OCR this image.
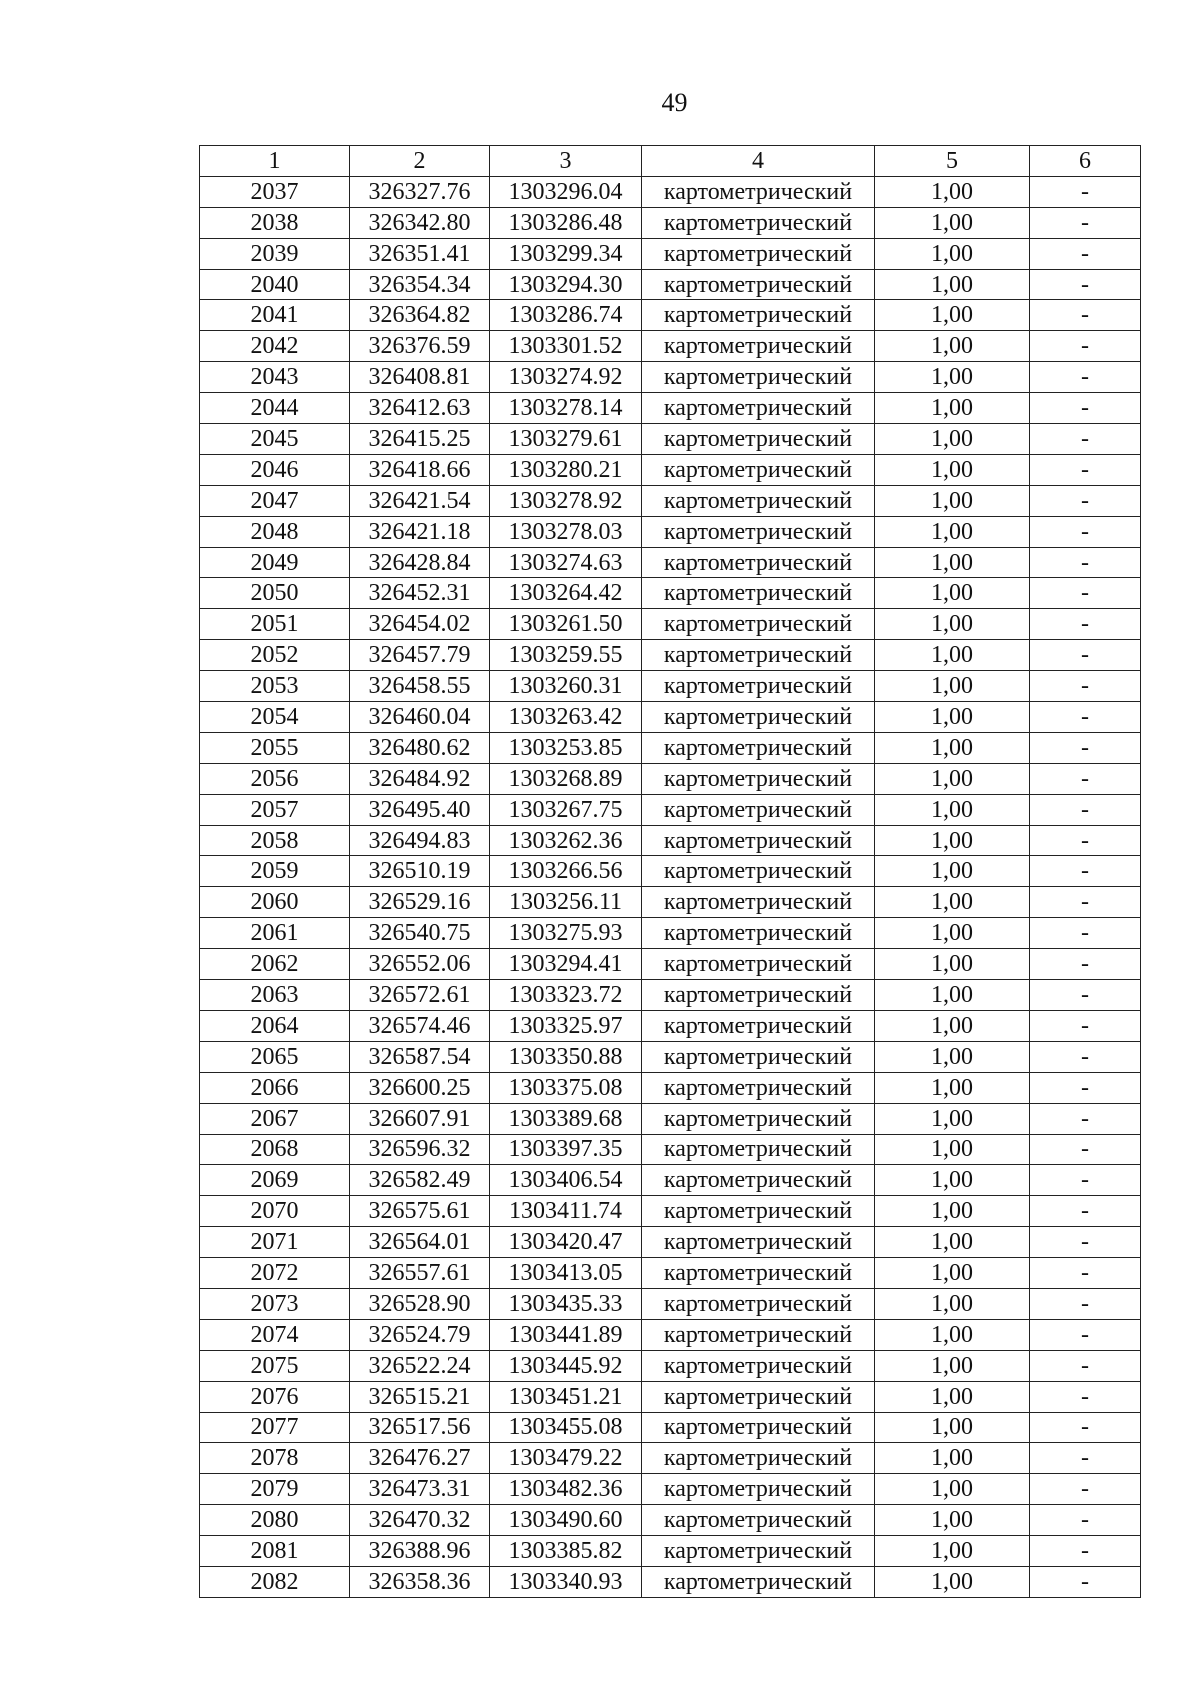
49
1	2	3	4	5	6
2037	326327.76	1303296.04	картометрический	1,00	-
2038	326342.80	1303286.48	картометрический	1,00	-
2039	326351.41	1303299.34	картометрический	1,00	-
2040	326354.34	1303294.30	картометрический	1,00	-
2041	326364.82	1303286.74	картометрический	1,00	-
2042	326376.59	1303301.52	картометрический	1,00	-
2043	326408.81	1303274.92	картометрический	1,00	-
2044	326412.63	1303278.14	картометрический	1,00	-
2045	326415.25	1303279.61	картометрический	1,00	-
2046	326418.66	1303280.21	картометрический	1,00	-
2047	326421.54	1303278.92	картометрический	1,00	-
2048	326421.18	1303278.03	картометрический	1,00	-
2049	326428.84	1303274.63	картометрический	1,00	-
2050	326452.31	1303264.42	картометрический	1,00	-
2051	326454.02	1303261.50	картометрический	1,00	-
2052	326457.79	1303259.55	картометрический	1,00	-
2053	326458.55	1303260.31	картометрический	1,00	-
2054	326460.04	1303263.42	картометрический	1,00	-
2055	326480.62	1303253.85	картометрический	1,00	-
2056	326484.92	1303268.89	картометрический	1,00	-
2057	326495.40	1303267.75	картометрический	1,00	-
2058	326494.83	1303262.36	картометрический	1,00	-
2059	326510.19	1303266.56	картометрический	1,00	-
2060	326529.16	1303256.11	картометрический	1,00	-
2061	326540.75	1303275.93	картометрический	1,00	-
2062	326552.06	1303294.41	картометрический	1,00	-
2063	326572.61	1303323.72	картометрический	1,00	-
2064	326574.46	1303325.97	картометрический	1,00	-
2065	326587.54	1303350.88	картометрический	1,00	-
2066	326600.25	1303375.08	картометрический	1,00	-
2067	326607.91	1303389.68	картометрический	1,00	-
2068	326596.32	1303397.35	картометрический	1,00	-
2069	326582.49	1303406.54	картометрический	1,00	-
2070	326575.61	1303411.74	картометрический	1,00	-
2071	326564.01	1303420.47	картометрический	1,00	-
2072	326557.61	1303413.05	картометрический	1,00	-
2073	326528.90	1303435.33	картометрический	1,00	-
2074	326524.79	1303441.89	картометрический	1,00	-
2075	326522.24	1303445.92	картометрический	1,00	-
2076	326515.21	1303451.21	картометрический	1,00	-
2077	326517.56	1303455.08	картометрический	1,00	-
2078	326476.27	1303479.22	картометрический	1,00	-
2079	326473.31	1303482.36	картометрический	1,00	-
2080	326470.32	1303490.60	картометрический	1,00	-
2081	326388.96	1303385.82	картометрический	1,00	-
2082	326358.36	1303340.93	картометрический	1,00	-
